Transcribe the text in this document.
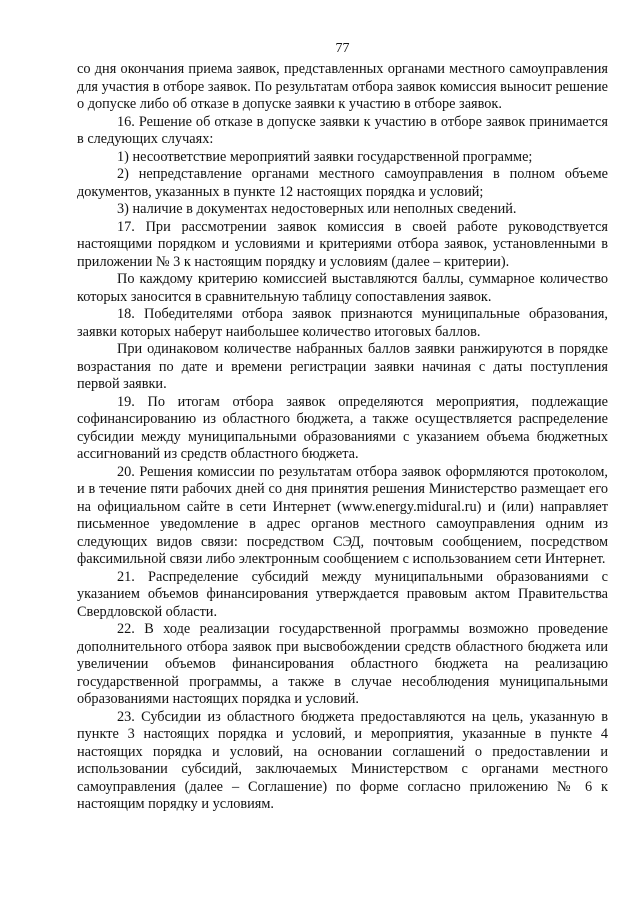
77

со дня окончания приема заявок, представленных органами местного самоуправления для участия в отборе заявок. По результатам отбора заявок комиссия выносит решение о допуске либо об отказе в допуске заявки к участию в отборе заявок.

16. Решение об отказе в допуске заявки к участию в отборе заявок принимается в следующих случаях:

1) несоответствие мероприятий заявки государственной программе;

2) непредставление органами местного самоуправления в полном объеме документов, указанных в пункте 12 настоящих порядка и условий;

3) наличие в документах недостоверных или неполных сведений.

17. При рассмотрении заявок комиссия в своей работе руководствуется настоящими порядком и условиями и критериями отбора заявок, установленными в приложении № 3 к настоящим порядку и условиям (далее – критерии).

По каждому критерию комиссией выставляются баллы, суммарное количество которых заносится в сравнительную таблицу сопоставления заявок.

18. Победителями отбора заявок признаются муниципальные образования, заявки которых наберут наибольшее количество итоговых баллов.

При одинаковом количестве набранных баллов заявки ранжируются в порядке возрастания по дате и времени регистрации заявки начиная с даты поступления первой заявки.

19. По итогам отбора заявок определяются мероприятия, подлежащие софинансированию из областного бюджета, а также осуществляется распределение субсидии между муниципальными образованиями с указанием объема бюджетных ассигнований из средств областного бюджета.

20. Решения комиссии по результатам отбора заявок оформляются протоколом, и в течение пяти рабочих дней со дня принятия решения Министерство размещает его на официальном сайте в сети Интернет (www.energy.midural.ru) и (или) направляет письменное уведомление в адрес органов местного самоуправления одним из следующих видов связи: посредством СЭД, почтовым сообщением, посредством факсимильной связи либо электронным сообщением с использованием сети Интернет.

21. Распределение субсидий между муниципальными образованиями с указанием объемов финансирования утверждается правовым актом Правительства Свердловской области.

22. В ходе реализации государственной программы возможно проведение дополнительного отбора заявок при высвобождении средств областного бюджета или увеличении объемов финансирования областного бюджета на реализацию государственной программы, а также в случае несоблюдения муниципальными образованиями настоящих порядка и условий.

23. Субсидии из областного бюджета предоставляются на цель, указанную в пункте 3 настоящих порядка и условий, и мероприятия, указанные в пункте 4 настоящих порядка и условий, на основании соглашений о предоставлении и использовании субсидий, заключаемых Министерством с органами местного самоуправления (далее – Соглашение) по форме согласно приложению № 6 к настоящим порядку и условиям.
